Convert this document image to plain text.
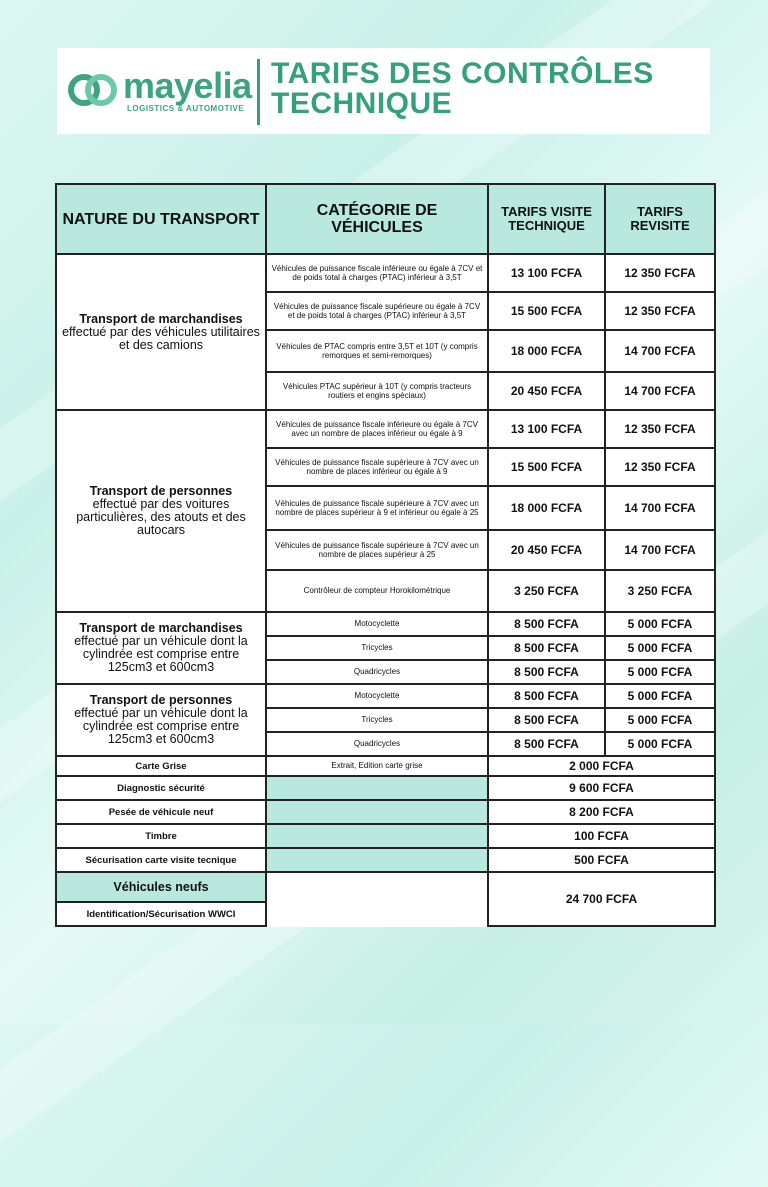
mayelia
LOGISTICS & AUTOMOTIVE
TARIFS DES CONTRÔLES
TECHNIQUE
NATURE DU TRANSPORT	CATÉGORIE DE VÉHICULES	TARIFS VISITE TECHNIQUE	TARIFS REVISITE
Transport de marchandises
effectué par des véhicules utilitaires et des camions	Véhicules de puissance fiscale inférieure ou égale à 7CV et de poids total à charges (PTAC) inférieur à 3,5T	13 100 FCFA	12 350 FCFA
	Véhicules de puissance fiscale supérieure ou égale à 7CV et de poids total à charges (PTAC) inférieur à 3,5T	15 500 FCFA	12 350 FCFA
	Véhicules de PTAC compris entre 3,5T et 10T (y compris remorques et semi-remorques)	18 000 FCFA	14 700 FCFA
	Véhicules PTAC supérieur à 10T (y compris tracteurs routiers et engins spéciaux)	20 450 FCFA	14 700 FCFA
Transport de personnes
effectué par des voitures particulières, des atouts et des autocars	Véhicules de puissance fiscale inférieure ou égale à 7CV avec un nombre de places inférieur ou égale à 9	13 100 FCFA	12 350 FCFA
	Véhicules de puissance fiscale supérieure à 7CV avec un nombre de places inférieur ou égale à 9	15 500 FCFA	12 350 FCFA
	Véhicules de puissance fiscale supérieure à 7CV avec un nombre de places supérieur à 9 et inférieur ou égale à 25	18 000 FCFA	14 700 FCFA
	Véhicules de puissance fiscale supérieure à 7CV avec un nombre de places supérieur à 25	20 450 FCFA	14 700 FCFA
	Contrôleur de compteur Horokilométrique	3 250 FCFA	3 250 FCFA
Transport de marchandises
effectué par un véhicule dont la cylindrée est comprise entre 125cm3 et 600cm3	Motocyclette	8 500 FCFA	5 000 FCFA
	Tricycles	8 500 FCFA	5 000 FCFA
	Quadricycles	8 500 FCFA	5 000 FCFA
Transport de personnes
effectué par un véhicule dont la cylindrée est comprise entre 125cm3 et 600cm3	Motocyclette	8 500 FCFA	5 000 FCFA
	Tricycles	8 500 FCFA	5 000 FCFA
	Quadricycles	8 500 FCFA	5 000 FCFA
Carte Grise	Extrait, Edition carte grise	2 000 FCFA	
Diagnostic sécurité		9 600 FCFA	
Pesée de véhicule neuf		8 200 FCFA	
Timbre		100 FCFA	
Sécurisation carte visite tecnique		500 FCFA	
Véhicules neufs		24 700 FCFA	
Identification/Sécurisation WWCI			
